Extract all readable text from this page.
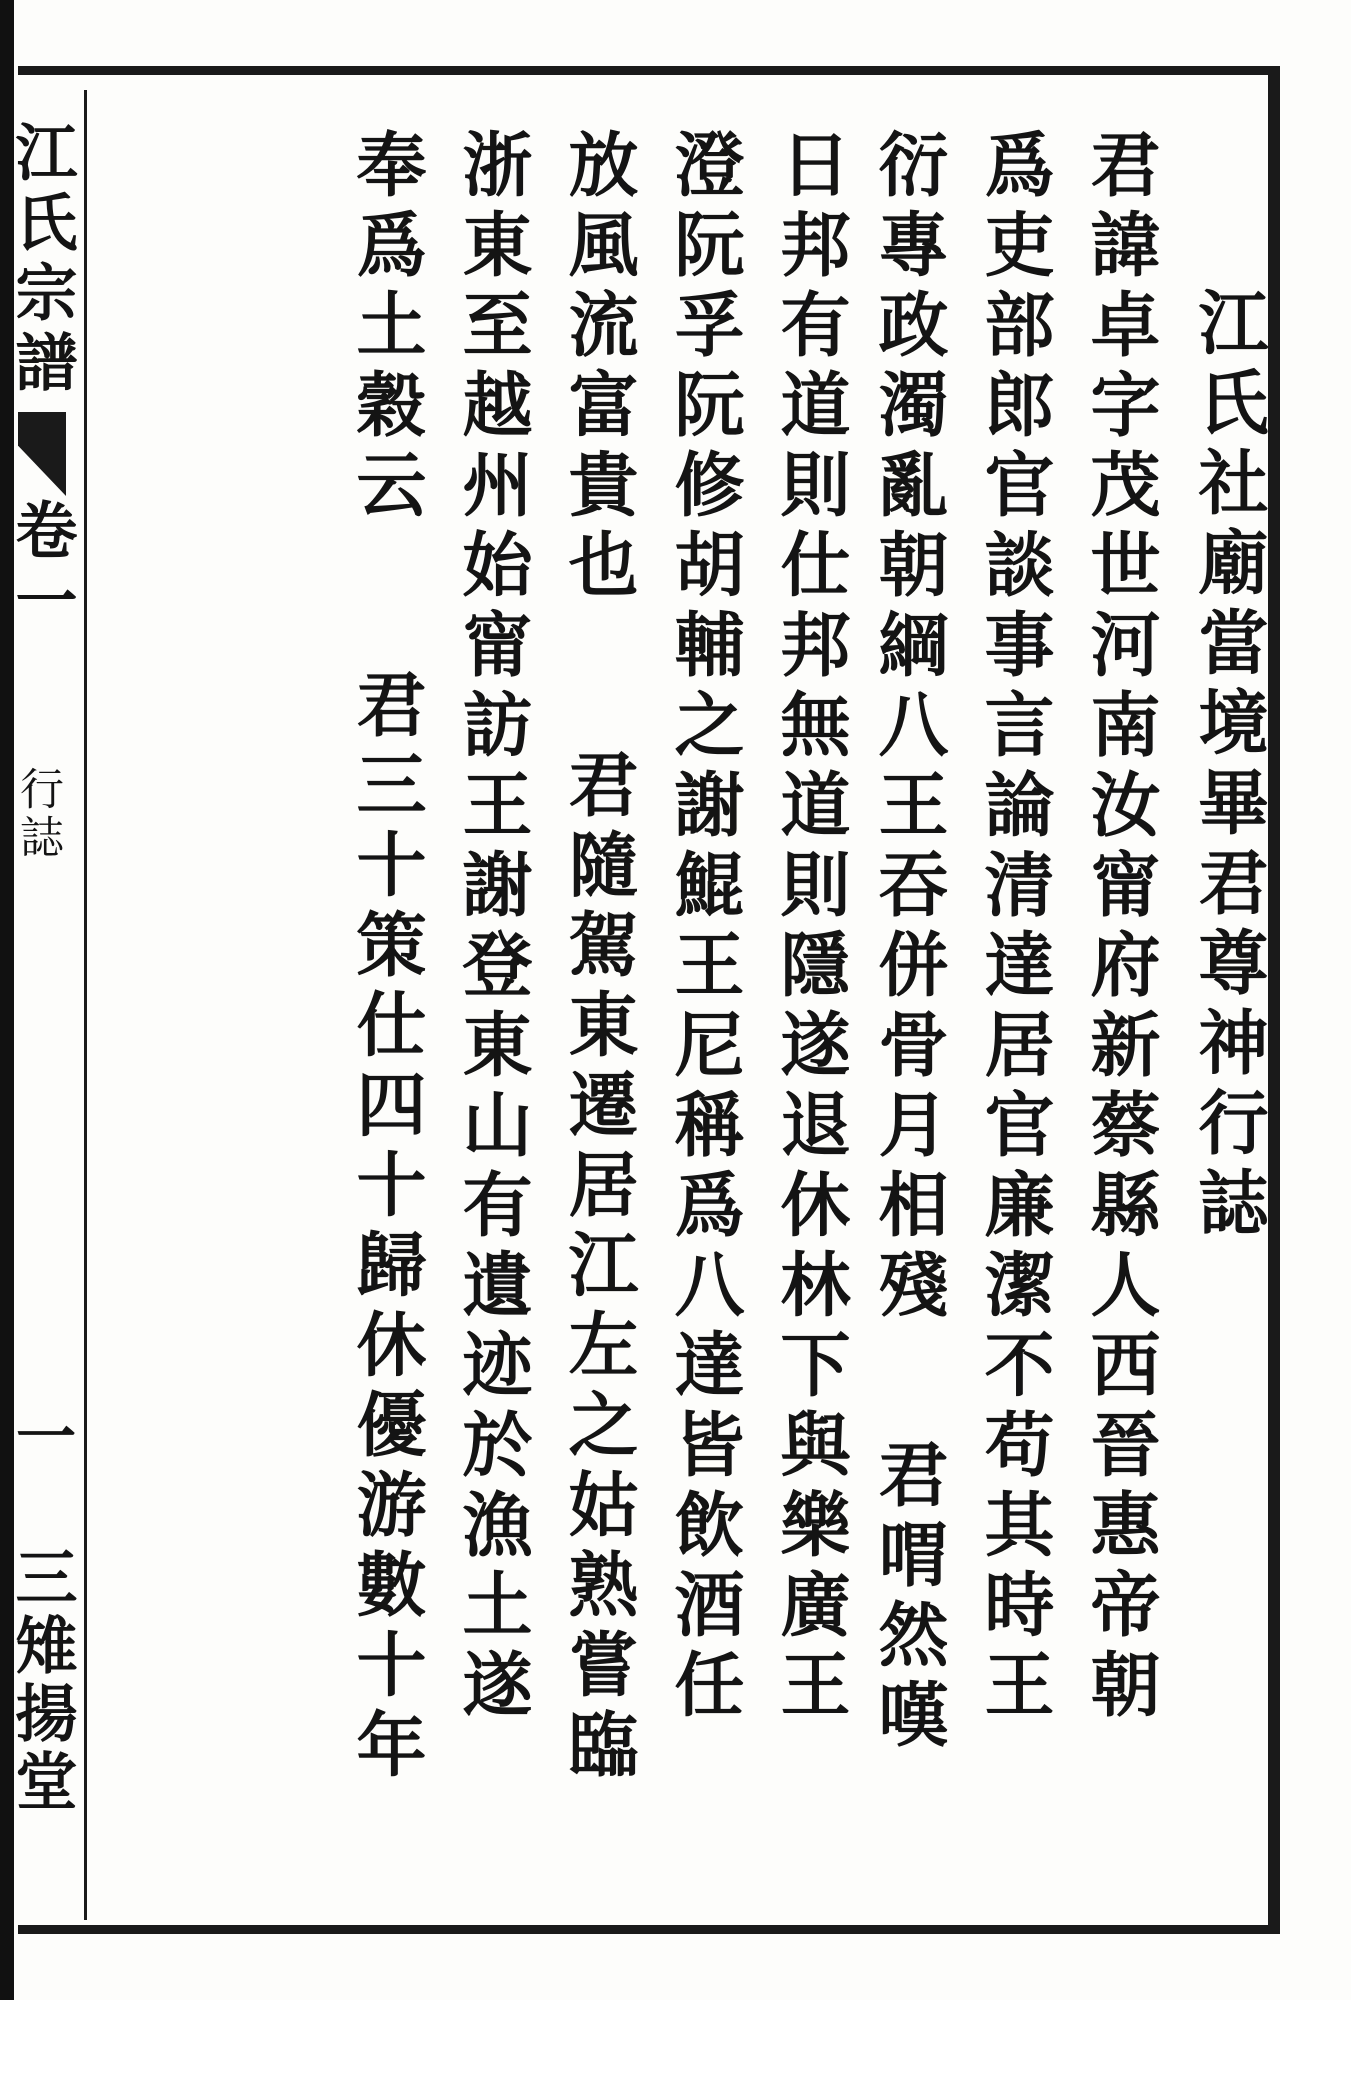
江氏宗譜
卷一
行誌
一
三雉揚堂
江氏社廟當境畢君尊神行誌
君諱卓字茂世河南汝甯府新蔡縣人西晉惠帝朝
爲吏部郎官談事言論清達居官廉潔不苟其時王
衍專政濁亂朝綱八王吞併骨月相殘君喟然嘆
日邦有道則仕邦無道則隱遂退休林下與樂廣王
澄阮孚阮修胡輔之謝鯤王尼稱爲八達皆飲酒任
放風流富貴也君隨駕東遷居江左之姑熟嘗臨
浙東至越州始甯訪王謝登東山有遺迹於漁土遂
奉爲土穀云君三十策仕四十歸休優游數十年
